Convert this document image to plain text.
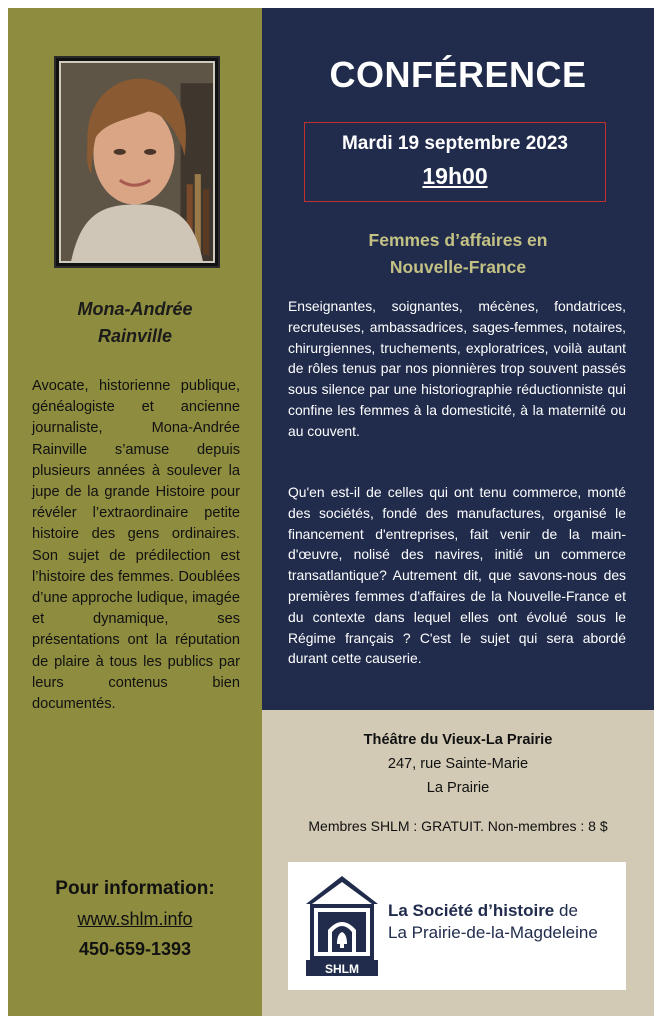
Mona-Andrée
Rainville

Avocate, historienne publique, généalogiste et ancienne journaliste, Mona-Andrée Rainville s’amuse depuis plusieurs années à soulever la jupe de la grande Histoire pour révéler l’extraordinaire petite histoire des gens ordinaires. Son sujet de prédilection est l’histoire des femmes. Doublées d’une approche ludique, imagée et dynamique, ses présentations ont la réputation de plaire à tous les publics par leurs contenus bien documentés.

Pour information:
www.shlm.info
450-659-1393
CONFÉRENCE
Mardi 19 septembre 2023
19h00
Femmes d’affaires en
Nouvelle-France

Enseignantes, soignantes, mécènes, fondatrices, recruteuses, ambassadrices, sages-femmes, notaires, chirurgiennes, truchements, exploratrices, voilà autant de rôles tenus par nos pionnières trop souvent passés sous silence par une historiographie réductionniste qui confine les femmes à la domesticité, à la maternité ou au couvent.

Qu'en est-il de celles qui ont tenu commerce, monté des sociétés, fondé des manufactures, organisé le financement d'entreprises, fait venir de la main-d'œuvre, nolisé des navires, initié un commerce transatlantique? Autrement dit, que savons-nous des premières femmes d'affaires de la Nouvelle-France et du contexte dans lequel elles ont évolué sous le Régime français ? C'est le sujet qui sera abordé durant cette causerie.

Théâtre du Vieux-La Prairie
247, rue Sainte-Marie
La Prairie
Membres SHLM : GRATUIT. Non-membres : 8 $
SHLM
La Société d’histoire de
La Prairie-de-la-Magdeleine
